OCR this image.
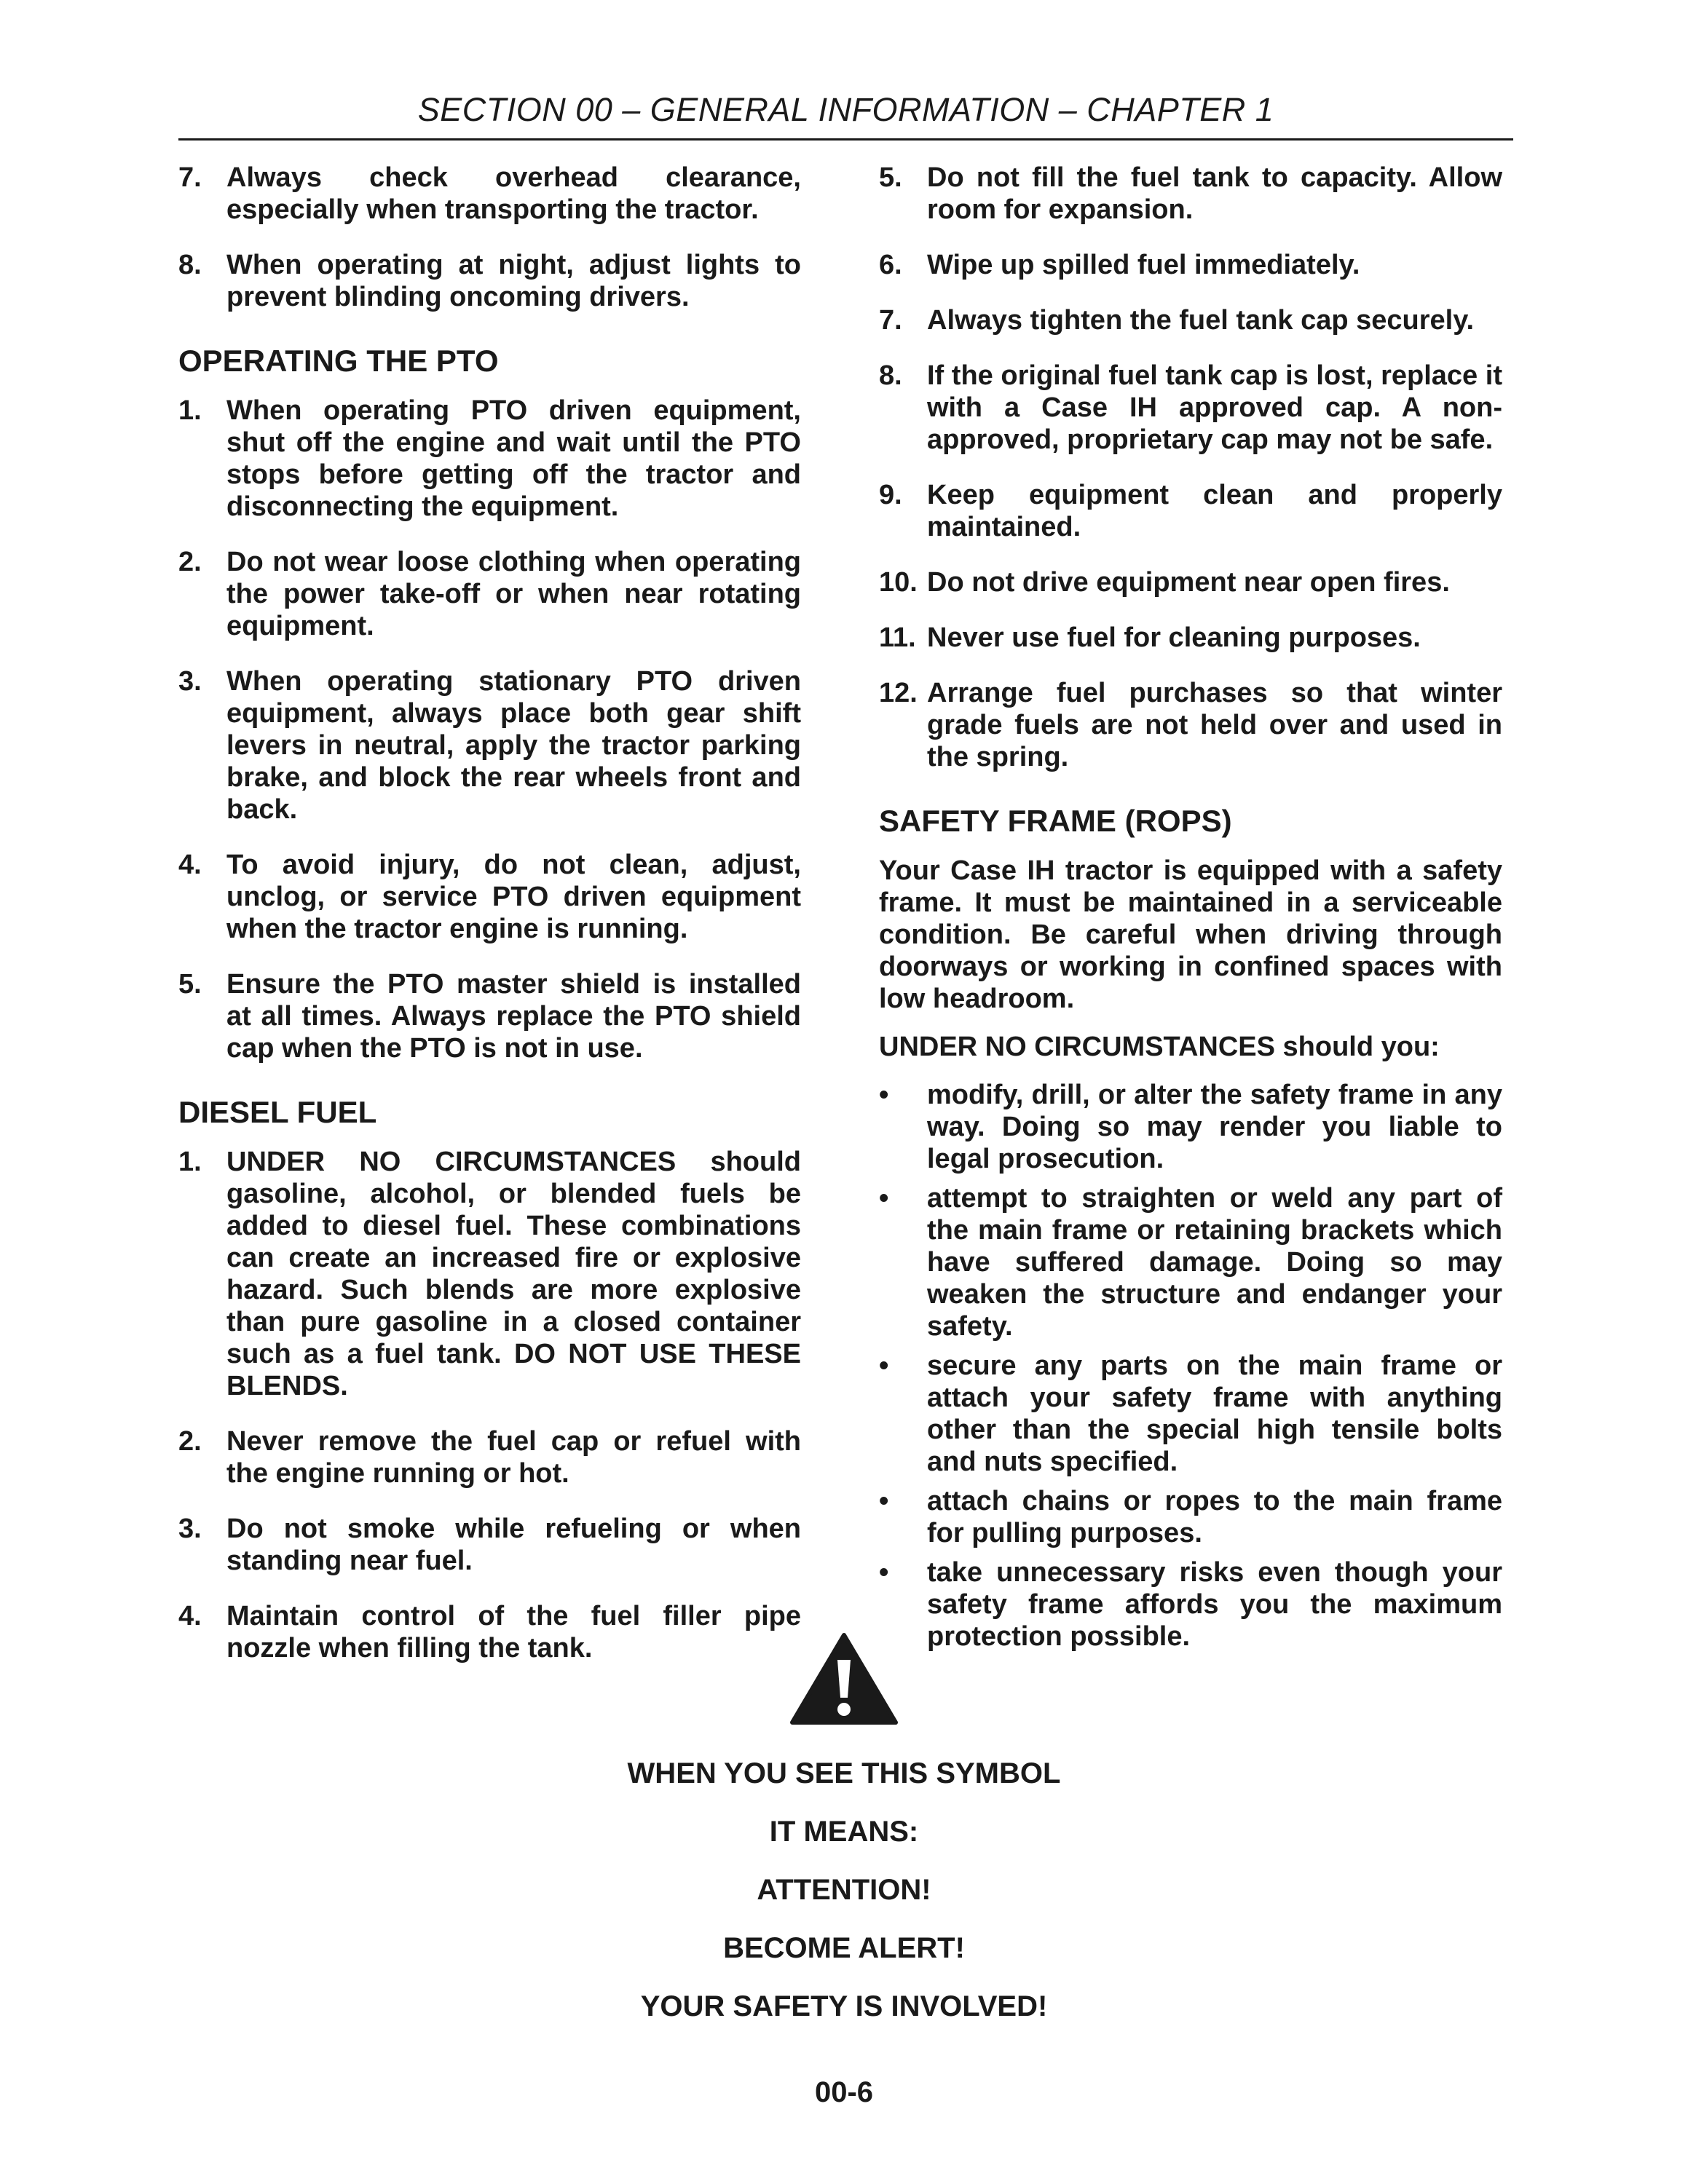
SECTION 00 – GENERAL INFORMATION – CHAPTER 1
7. Always check overhead clearance, especially when transporting the tractor.
8. When operating at night, adjust lights to prevent blinding oncoming drivers.
OPERATING THE PTO
1. When operating PTO driven equipment, shut off the engine and wait until the PTO stops before getting off the tractor and disconnecting the equipment.
2. Do not wear loose clothing when operating the power take-off or when near rotating equipment.
3. When operating stationary PTO driven equipment, always place both gear shift levers in neutral, apply the tractor parking brake, and block the rear wheels front and back.
4. To avoid injury, do not clean, adjust, unclog, or service PTO driven equipment when the tractor engine is running.
5. Ensure the PTO master shield is installed at all times. Always replace the PTO shield cap when the PTO is not in use.
DIESEL FUEL
1. UNDER NO CIRCUMSTANCES should gasoline, alcohol, or blended fuels be added to diesel fuel. These combinations can create an increased fire or explosive hazard. Such blends are more explosive than pure gasoline in a closed container such as a fuel tank. DO NOT USE THESE BLENDS.
2. Never remove the fuel cap or refuel with the engine running or hot.
3. Do not smoke while refueling or when standing near fuel.
4. Maintain control of the fuel filler pipe nozzle when filling the tank.
5. Do not fill the fuel tank to capacity. Allow room for expansion.
6. Wipe up spilled fuel immediately.
7. Always tighten the fuel tank cap securely.
8. If the original fuel tank cap is lost, replace it with a Case IH approved cap. A non-approved, proprietary cap may not be safe.
9. Keep equipment clean and properly maintained.
10. Do not drive equipment near open fires.
11. Never use fuel for cleaning purposes.
12. Arrange fuel purchases so that winter grade fuels are not held over and used in the spring.
SAFETY FRAME (ROPS)
Your Case IH tractor is equipped with a safety frame. It must be maintained in a serviceable condition. Be careful when driving through doorways or working in confined spaces with low headroom.
UNDER NO CIRCUMSTANCES should you:
•	modify, drill, or alter the safety frame in any way. Doing so may render you liable to legal prosecution.
•	attempt to straighten or weld any part of the main frame or retaining brackets which have suffered damage. Doing so may weaken the structure and endanger your safety.
•	secure any parts on the main frame or attach your safety frame with anything other than the special high tensile bolts and nuts specified.
•	attach chains or ropes to the main frame for pulling purposes.
•	take unnecessary risks even though your safety frame affords you the maximum protection possible.
WHEN YOU SEE THIS SYMBOL
IT MEANS:
ATTENTION!
BECOME ALERT!
YOUR SAFETY IS INVOLVED!
00-6
